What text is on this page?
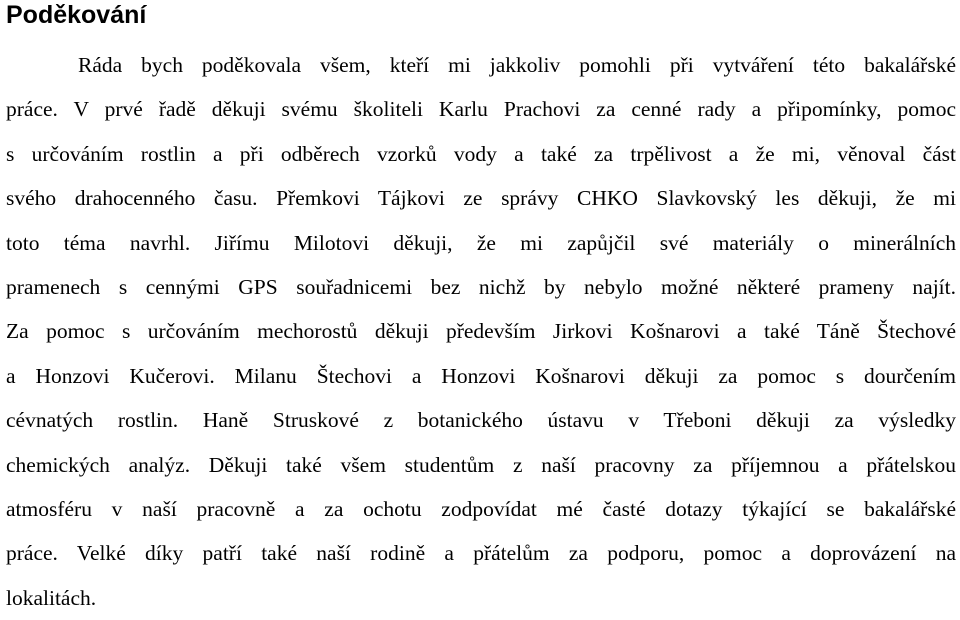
Poděkování
Ráda bych poděkovala všem, kteří mi jakkoliv pomohli při vytváření této bakalářské
práce. V prvé řadě děkuji svému školiteli Karlu Prachovi za cenné rady a připomínky, pomoc
s určováním rostlin a při odběrech vzorků vody a také za trpělivost a že mi, věnoval část
svého drahocenného času. Přemkovi Tájkovi ze správy CHKO Slavkovský les děkuji, že mi
toto téma navrhl. Jiřímu Milotovi děkuji, že mi zapůjčil své materiály o minerálních
pramenech s cennými GPS souřadnicemi bez nichž by nebylo možné některé prameny najít.
Za pomoc s určováním mechorostů děkuji především Jirkovi Košnarovi a také Táně Štechové
a Honzovi Kučerovi. Milanu Štechovi a Honzovi Košnarovi děkuji za pomoc s dourčením
cévnatých rostlin. Haně Struskové z botanického ústavu v Třeboni děkuji za výsledky
chemických analýz. Děkuji také všem studentům z naší pracovny za příjemnou a přátelskou
atmosféru v naší pracovně a za ochotu zodpovídat mé časté dotazy týkající se bakalářské
práce. Velké díky patří také naší rodině a přátelům za podporu, pomoc a doprovázení na
lokalitách.
